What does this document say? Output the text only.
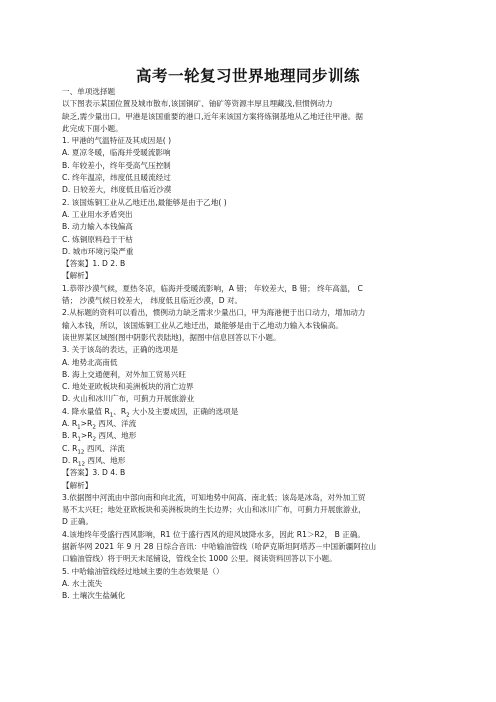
高考一轮复习世界地理同步训练
一、单项选择题
以下图表示某国位置及城市散布,该国铜矿、铀矿等资源丰厚且埋藏浅,但惯例动力
缺乏,需少量出口。甲港是该国重要的港口,近年来该国方案将炼铜基地从乙地迁往甲港。据
此完成下面小题。
1. 甲港的气温特征及其成因是( )
A. 夏凉冬暖，临海并受暖流影响
B. 年较差小，终年受高气压控制
C. 终年温凉，纬度低且暖流经过
D. 日较差大，纬度低且临近沙漠
2. 该国炼铜工业从乙地迁出,最能够是由于乙地( )
A. 工业用水矛盾突出
B. 动力输入本钱偏高
C. 炼铜原料趋于干枯
D. 城市环境污染严重
【答案】1. D 2. B
【解析】
1.恭带沙漠气候，夏热冬凉，临海并受暖流影响，A 错； 年较差大，B 错； 终年高温， C
错； 沙漠气候日较差大， 纬度低且临近沙漠，D 对。
2.从标题的资料可以看出，惯例动力缺乏需求少量出口，甲为海港便于出口动力，增加动力
输入本钱，所以，该国炼铜工业从乙地迁出，最能够是由于乙地动力输入本钱偏高。
读世界某区域图(图中阴影代表陆地)，据图中信息回答以下小题。
3. 关于该岛的表达，正确的选项是
A. 地势北高南低
B. 海上交通便利，对外加工贸易兴旺
C. 地处亚欧板块和美洲板块的消亡边界
D. 火山和冰川广布，可蓟力开展旅游业
4. 降水量值 $R_1$、$R_2$ 大小及主要成因，正确的选项是
A. $R_1>R_2$ 西风、洋流
B. $R_1>R_2$ 西风、地形
C. $R_{12}$ 西风、洋流
D. $R_{12}$ 西风、地形
【答案】3. D 4. B
【解析】
3.依据图中河流由中部向南和向北流，可知地势中间高、南北低；该岛是冰岛，对外加工贸
易不太兴旺；地处亚欧板块和美洲板块的生长边界；火山和冰川广布，可蓟力开展旅游业，
D 正确。
4.该地终年受盛行西风影响，R1 位于盛行西风的迎风坡降水多，因此 R1＞R2， B 正确。
据新华网 2021 年 9 月 28 日综合音讯：中哈输油管线（哈萨克斯坦阿塔苏－中国新疆阿拉山
口输油管线）将于明天未尾铺设，管线全长 1000 公里。阅读资料回答以下小题。
5. 中哈输油管线经过地域主要的生态效果是（）
A. 水土流失
B. 土壤次生盐碱化
